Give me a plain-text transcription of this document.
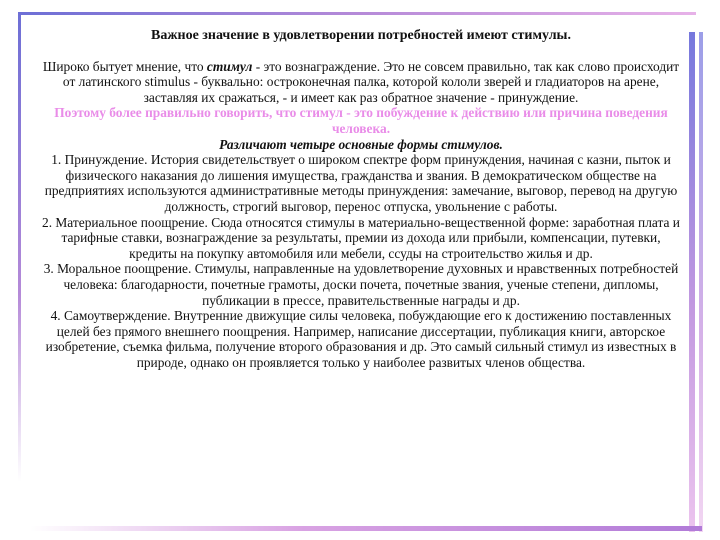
Важное значение в удовлетворении потребностей имеют стимулы.

Широко бытует мнение, что стимул - это вознаграждение. Это не совсем правильно, так как слово происходит от латинского stimulus - буквально: остроконечная палка, которой кололи зверей и гладиаторов на арене, заставляя их сражаться, - и имеет как раз обратное значение - принуждение.

Поэтому более правильно говорить, что стимул - это побуждение к действию или причина поведения человека.

Различают четыре основные формы стимулов.

1. Принуждение. История свидетельствует о широком спектре форм принуждения, начиная с казни, пыток и физического наказания до лишения имущества, гражданства и звания. В демократическом обществе на предприятиях используются административные методы принуждения: замечание, выговор, перевод на другую должность, строгий выговор, перенос отпуска, увольнение с работы.

2. Материальное поощрение. Сюда относятся стимулы в материально-вещественной форме: заработная плата и тарифные ставки, вознаграждение за результаты, премии из дохода или прибыли, компенсации, путевки, кредиты на покупку автомобиля или мебели, ссуды на строительство жилья и др.

3. Моральное поощрение. Стимулы, направленные на удовлетворение духовных и нравственных потребностей человека: благодарности, почетные грамоты, доски почета, почетные звания, ученые степени, дипломы, публикации в прессе, правительственные награды и др.

4. Самоутверждение. Внутренние движущие силы человека, побуждающие его к достижению поставленных целей без прямого внешнего поощрения. Например, написание диссертации, публикация книги, авторское изобретение, съемка фильма, получение второго образования и др. Это самый сильный стимул из известных в природе, однако он проявляется только у наиболее развитых членов общества.
